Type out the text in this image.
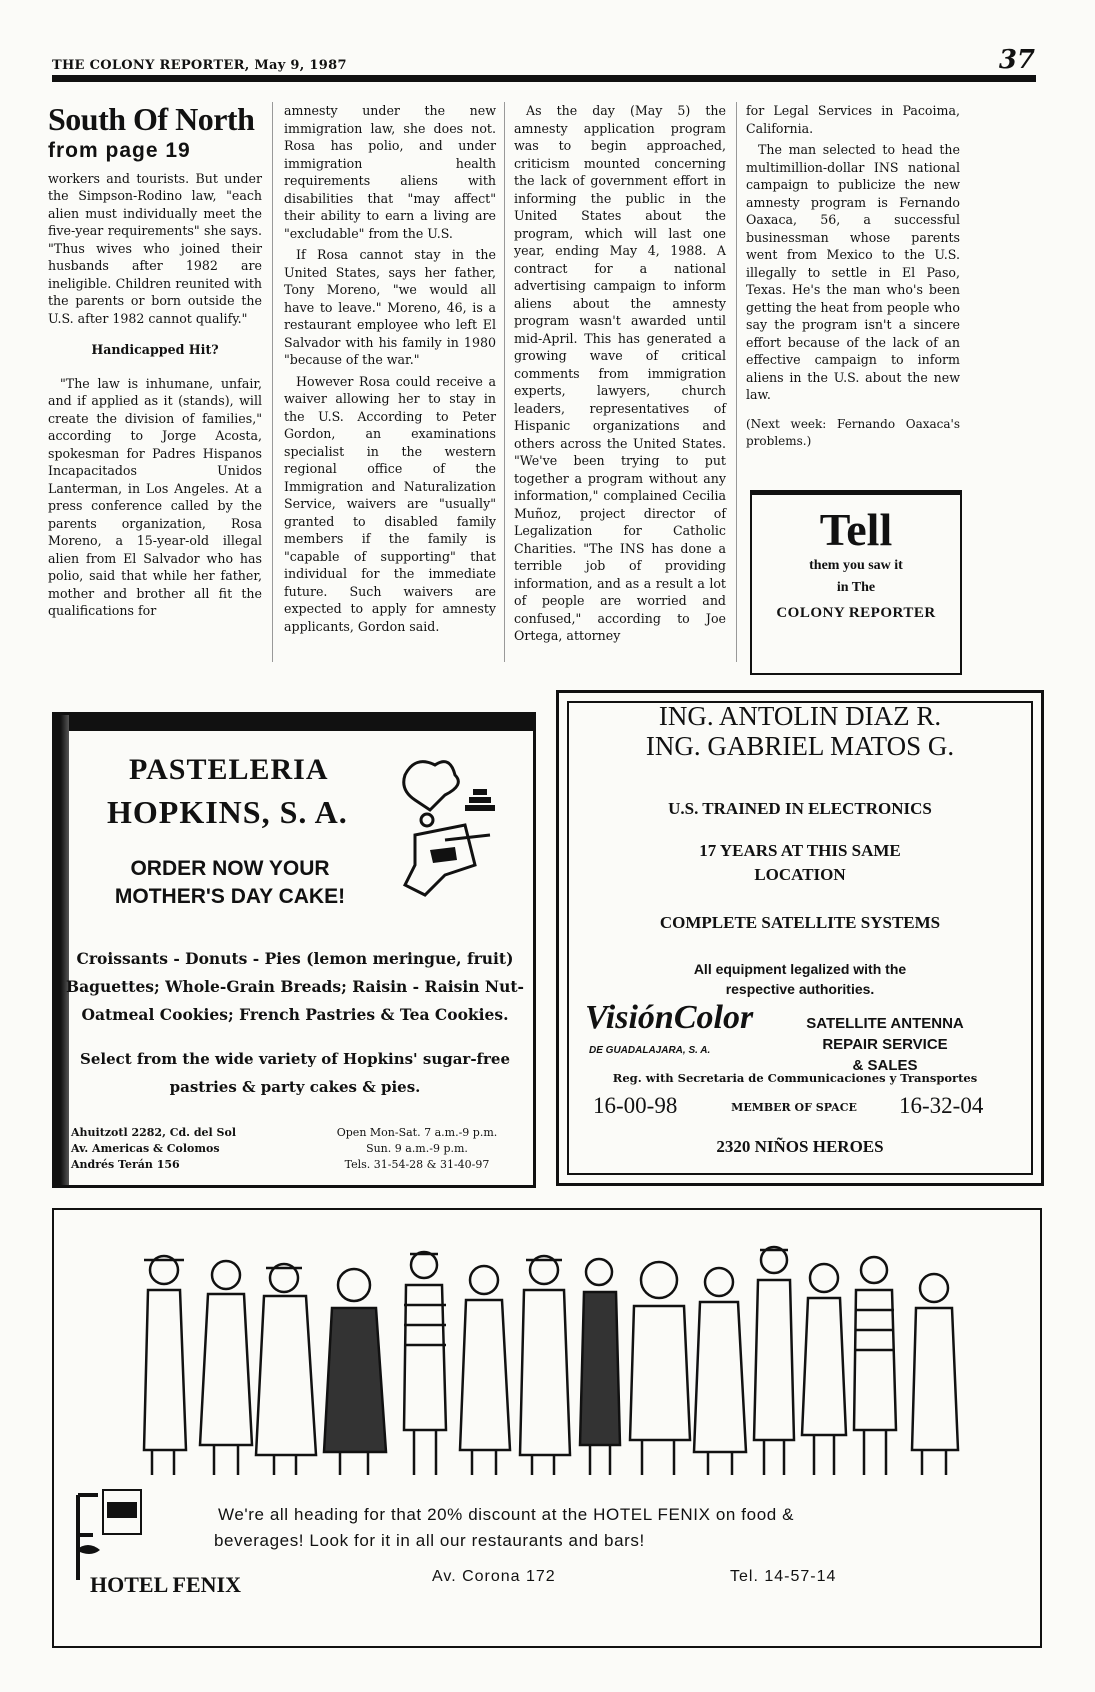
THE COLONY REPORTER, May 9, 1987	37
South Of North
from page 19

workers and tourists. But under the Simpson-Rodino law, "each alien must individually meet the five-year requirements" she says. "Thus wives who joined their husbands after 1982 are ineligible. Children reunited with the parents or born outside the U.S. after 1982 cannot qualify."

Handicapped Hit?

"The law is inhumane, unfair, and if applied as it (stands), will create the division of families," according to Jorge Acosta, spokesman for Padres Hispanos Incapacitados Unidos Lanterman, in Los Angeles. At a press conference called by the parents organization, Rosa Moreno, a 15-year-old illegal alien from El Salvador who has polio, said that while her father, mother and brother all fit the qualifications for

amnesty under the new immigration law, she does not. Rosa has polio, and under immigration health requirements aliens with disabilities that "may affect" their ability to earn a living are "excludable" from the U.S.

If Rosa cannot stay in the United States, says her father, Tony Moreno, "we would all have to leave." Moreno, 46, is a restaurant employee who left El Salvador with his family in 1980 "because of the war."

However Rosa could receive a waiver allowing her to stay in the U.S. According to Peter Gordon, an examinations specialist in the western regional office of the Immigration and Naturalization Service, waivers are "usually" granted to disabled family members if the family is "capable of supporting" that individual for the immediate future. Such waivers are expected to apply for amnesty applicants, Gordon said.

As the day (May 5) the amnesty application program was to begin approached, criticism mounted concerning the lack of government effort in informing the public in the United States about the program, which will last one year, ending May 4, 1988. A contract for a national advertising campaign to inform aliens about the amnesty program wasn't awarded until mid-April. This has generated a growing wave of critical comments from immigration experts, lawyers, church leaders, representatives of Hispanic organizations and others across the United States. "We've been trying to put together a program without any information," complained Cecilia Muñoz, project director of Legalization for Catholic Charities. "The INS has done a terrible job of providing information, and as a result a lot of people are worried and confused," according to Joe Ortega, attorney

for Legal Services in Pacoima, California.

The man selected to head the multimillion-dollar INS national campaign to publicize the new amnesty program is Fernando Oaxaca, 56, a successful businessman whose parents went from Mexico to the U.S. illegally to settle in El Paso, Texas. He's the man who's been getting the heat from people who say the program isn't a sincere effort because of the lack of an effective campaign to inform aliens in the U.S. about the new law.

(Next week: Fernando Oaxaca's problems.)
Tell
them you saw it
in The
COLONY REPORTER
PASTELERIA
HOPKINS, S. A.
ORDER NOW YOUR
MOTHER'S DAY CAKE!
Croissants - Donuts - Pies (lemon meringue, fruit)
Baguettes; Whole-Grain Breads; Raisin - Raisin Nut-
Oatmeal Cookies; French Pastries & Tea Cookies.
Select from the wide variety of Hopkins' sugar-free
pastries & party cakes & pies.
Ahuitzotl 2282, Cd. del Sol
Av. Americas & Colomos
Andrés Terán 156
Open Mon-Sat. 7 a.m.-9 p.m.
Sun. 9 a.m.-9 p.m.
Tels. 31-54-28 & 31-40-97
ING. ANTOLIN DIAZ R.
ING. GABRIEL MATOS G.
U.S. TRAINED IN ELECTRONICS
17 YEARS AT THIS SAME
LOCATION
COMPLETE SATELLITE SYSTEMS
All equipment legalized with the
respective authorities.
VisiónColor
DE GUADALAJARA, S. A.
SATELLITE ANTENNA
REPAIR SERVICE
& SALES
Reg. with Secretaria de Communicaciones y Transportes
16-00-98	MEMBER OF SPACE	16-32-04
2320 NIÑOS HEROES
We're all heading for that 20% discount at the HOTEL FENIX on food &
beverages! Look for it in all our restaurants and bars!
Av. Corona 172	Tel. 14-57-14
HOTEL FENIX
